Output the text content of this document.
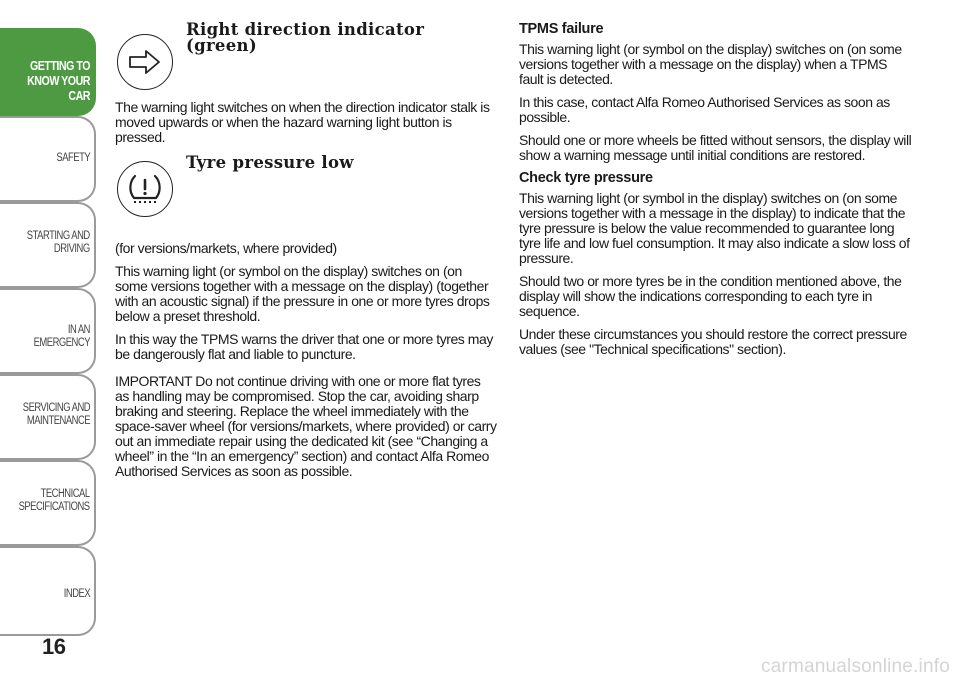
GETTING TO
KNOW YOUR CAR
SAFETY
STARTING AND
DRIVING
IN AN EMERGENCY
SERVICING AND
MAINTENANCE
TECHNICAL
SPECIFICATIONS
INDEX
16
Right direction indicator (green)

The warning light switches on when the direction indicator stalk is moved upwards or when the hazard warning light button is pressed.

Tyre pressure low

(for versions/markets, where provided)

This warning light (or symbol on the display) switches on (on some versions together with a message on the display) (together with an acoustic signal) if the pressure in one or more tyres drops below a preset threshold.

In this way the TPMS warns the driver that one or more tyres may be dangerously flat and liable to puncture.

IMPORTANT Do not continue driving with one or more flat tyres as handling may be compromised. Stop the car, avoiding sharp braking and steering. Replace the wheel immediately with the space-saver wheel (for versions/markets, where provided) or carry out an immediate repair using the dedicated kit (see “Changing a wheel” in the “In an emergency” section) and contact Alfa Romeo Authorised Services as soon as possible.

TPMS failure

This warning light (or symbol on the display) switches on (on some versions together with a message on the display) when a TPMS fault is detected.

In this case, contact Alfa Romeo Authorised Services as soon as possible.

Should one or more wheels be fitted without sensors, the display will show a warning message until initial conditions are restored.

Check tyre pressure

This warning light (or symbol in the display) switches on (on some versions together with a message in the display) to indicate that the tyre pressure is below the value recommended to guarantee long tyre life and low fuel consumption. It may also indicate a slow loss of pressure.

Should two or more tyres be in the condition mentioned above, the display will show the indications corresponding to each tyre in sequence.

Under these circumstances you should restore the correct pressure values (see "Technical specifications" section).

carmanualsonline.info
